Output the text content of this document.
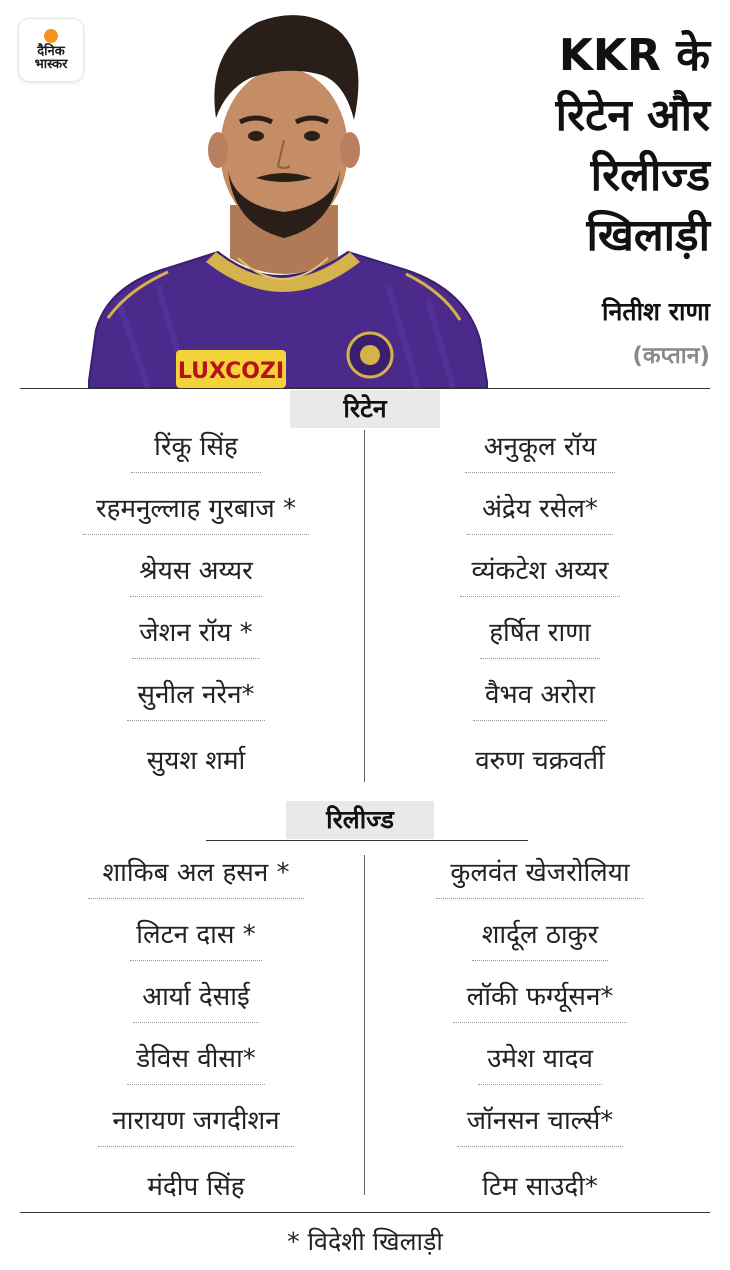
दैनिक
भास्कर
LUXCOZI
KKR के
रिटेन और
रिलीज्ड
खिलाड़ी
नितीश राणा
(कप्तान)
रिटेन
रिंकू सिंह
रहमनुल्लाह गुरबाज *
श्रेयस अय्यर
जेशन रॉय *
सुनील नरेन*
सुयश शर्मा
अनुकूल रॉय
अंद्रेय रसेल*
व्यंकटेश अय्यर
हर्षित राणा
वैभव अरोरा
वरुण चक्रवर्ती
रिलीज्ड
शाकिब अल हसन *
लिटन दास *
आर्या देसाई
डेविस वीसा*
नारायण जगदीशन
मंदीप सिंह
कुलवंत खेजरोलिया
शार्दूल ठाकुर
लॉकी फर्ग्यूसन*
उमेश यादव
जॉनसन चार्ल्स*
टिम साउदी*
* विदेशी खिलाड़ी
